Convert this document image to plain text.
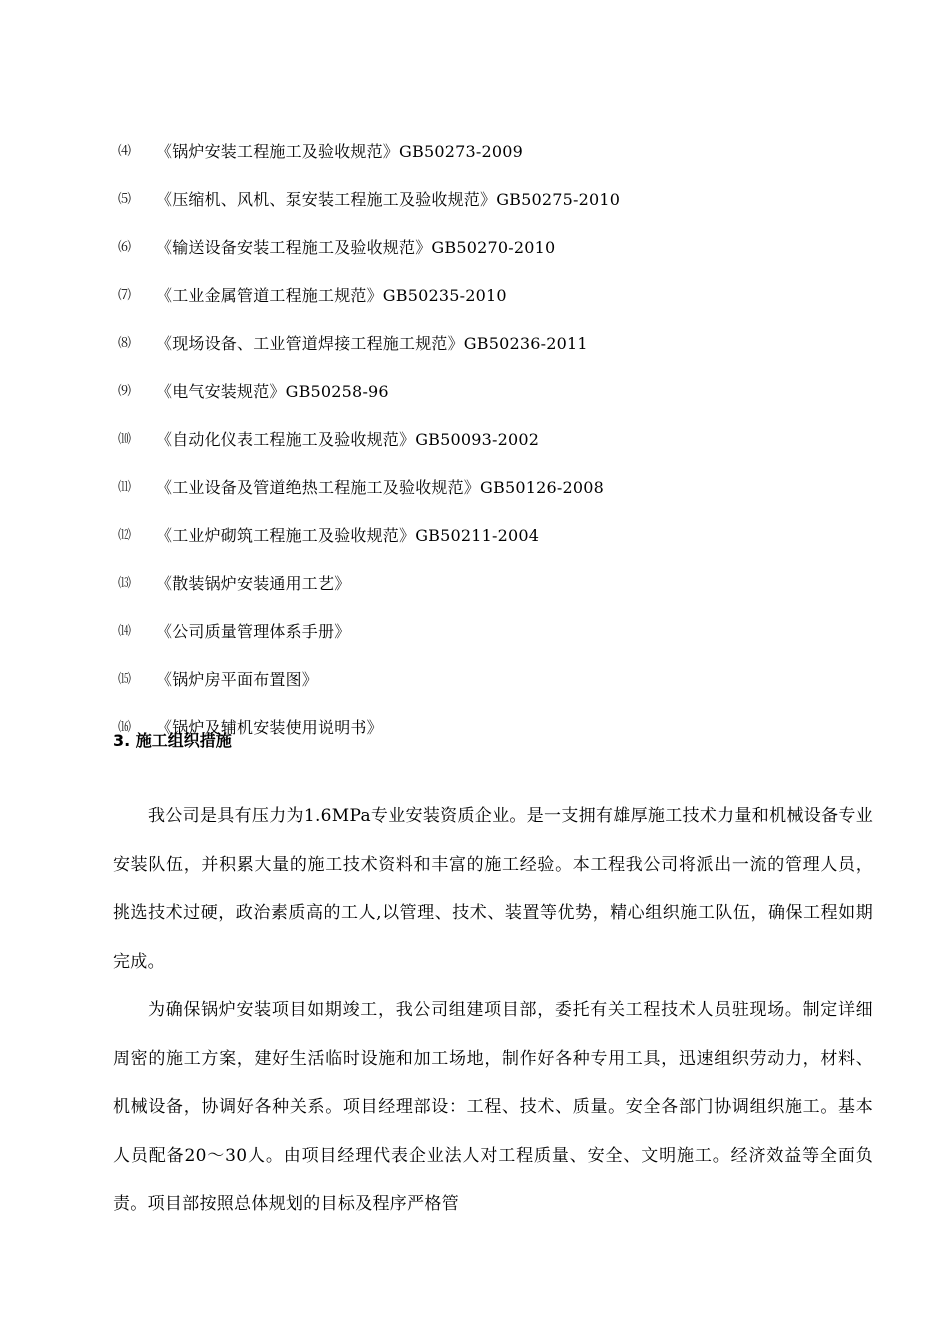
⑷	《锅炉安装工程施工及验收规范》GB50273-2009
⑸	《压缩机、风机、泵安装工程施工及验收规范》GB50275-2010
⑹	《输送设备安装工程施工及验收规范》GB50270-2010
⑺	《工业金属管道工程施工规范》GB50235-2010
⑻	《现场设备、工业管道焊接工程施工规范》GB50236-2011
⑼	《电气安装规范》GB50258-96
⑽	《自动化仪表工程施工及验收规范》GB50093-2002
⑾	《工业设备及管道绝热工程施工及验收规范》GB50126-2008
⑿	《工业炉砌筑工程施工及验收规范》GB50211-2004
⒀	《散装锅炉安装通用工艺》
⒁	《公司质量管理体系手册》
⒂	《锅炉房平面布置图》
⒃	《锅炉及辅机安装使用说明书》
3. 施工组织措施

我公司是具有压力为1.6MPa专业安装资质企业。是一支拥有雄厚施工技术力量和机械设备专业安装队伍，并积累大量的施工技术资料和丰富的施工经验。本工程我公司将派出一流的管理人员，挑选技术过硬，政治素质高的工人,以管理、技术、装置等优势，精心组织施工队伍，确保工程如期完成。

为确保锅炉安装项目如期竣工，我公司组建项目部，委托有关工程技术人员驻现场。制定详细周密的施工方案，建好生活临时设施和加工场地，制作好各种专用工具，迅速组织劳动力，材料、机械设备，协调好各种关系。项目经理部设：工程、技术、质量。安全各部门协调组织施工。基本人员配备20～30人。由项目经理代表企业法人对工程质量、安全、文明施工。经济效益等全面负责。项目部按照总体规划的目标及程序严格管
